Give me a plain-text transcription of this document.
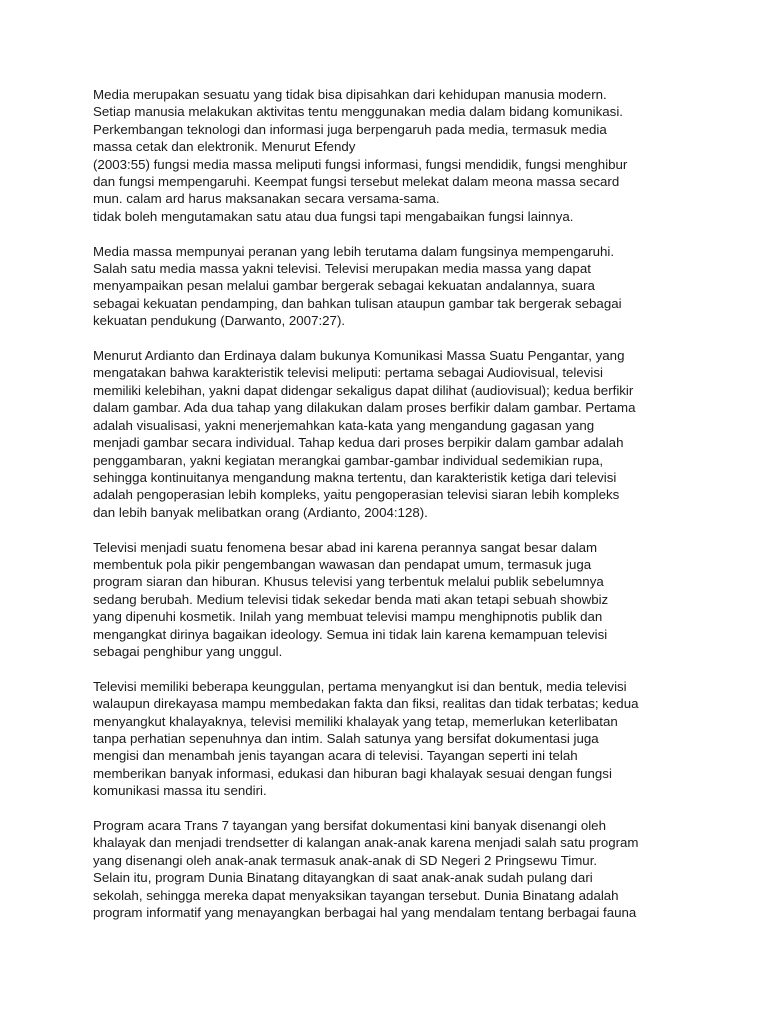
Media merupakan sesuatu yang tidak bisa dipisahkan dari kehidupan manusia modern.
Setiap manusia melakukan aktivitas tentu menggunakan media dalam bidang komunikasi.
Perkembangan teknologi dan informasi juga berpengaruh pada media, termasuk media
massa cetak dan elektronik. Menurut Efendy
(2003:55) fungsi media massa meliputi fungsi informasi, fungsi mendidik, fungsi menghibur
dan fungsi mempengaruhi. Keempat fungsi tersebut melekat dalam meona massa secard
mun. calam ard harus maksanakan secara versama-sama.
tidak boleh mengutamakan satu atau dua fungsi tapi mengabaikan fungsi lainnya.

Media massa mempunyai peranan yang lebih terutama dalam fungsinya mempengaruhi.
Salah satu media massa yakni televisi. Televisi merupakan media massa yang dapat
menyampaikan pesan melalui gambar bergerak sebagai kekuatan andalannya, suara
sebagai kekuatan pendamping, dan bahkan tulisan ataupun gambar tak bergerak sebagai
kekuatan pendukung (Darwanto, 2007:27).

Menurut Ardianto dan Erdinaya dalam bukunya Komunikasi Massa Suatu Pengantar, yang
mengatakan bahwa karakteristik televisi meliputi: pertama sebagai Audiovisual, televisi
memiliki kelebihan, yakni dapat didengar sekaligus dapat dilihat (audiovisual); kedua berfikir
dalam gambar. Ada dua tahap yang dilakukan dalam proses berfikir dalam gambar. Pertama
adalah visualisasi, yakni menerjemahkan kata-kata yang mengandung gagasan yang
menjadi gambar secara individual. Tahap kedua dari proses berpikir dalam gambar adalah
penggambaran, yakni kegiatan merangkai gambar-gambar individual sedemikian rupa,
sehingga kontinuitanya mengandung makna tertentu, dan karakteristik ketiga dari televisi
adalah pengoperasian lebih kompleks, yaitu pengoperasian televisi siaran lebih kompleks
dan lebih banyak melibatkan orang (Ardianto, 2004:128).

Televisi menjadi suatu fenomena besar abad ini karena perannya sangat besar dalam
membentuk pola pikir pengembangan wawasan dan pendapat umum, termasuk juga
program siaran dan hiburan. Khusus televisi yang terbentuk melalui publik sebelumnya
sedang berubah. Medium televisi tidak sekedar benda mati akan tetapi sebuah showbiz
yang dipenuhi kosmetik. Inilah yang membuat televisi mampu menghipnotis publik dan
mengangkat dirinya bagaikan ideology. Semua ini tidak lain karena kemampuan televisi
sebagai penghibur yang unggul.

Televisi memiliki beberapa keunggulan, pertama menyangkut isi dan bentuk, media televisi
walaupun direkayasa mampu membedakan fakta dan fiksi, realitas dan tidak terbatas; kedua
menyangkut khalayaknya, televisi memiliki khalayak yang tetap, memerlukan keterlibatan
tanpa perhatian sepenuhnya dan intim. Salah satunya yang bersifat dokumentasi juga
mengisi dan menambah jenis tayangan acara di televisi. Tayangan seperti ini telah
memberikan banyak informasi, edukasi dan hiburan bagi khalayak sesuai dengan fungsi
komunikasi massa itu sendiri.

Program acara Trans 7 tayangan yang bersifat dokumentasi kini banyak disenangi oleh
khalayak dan menjadi trendsetter di kalangan anak-anak karena menjadi salah satu program
yang disenangi oleh anak-anak termasuk anak-anak di SD Negeri 2 Pringsewu Timur.
Selain itu, program Dunia Binatang ditayangkan di saat anak-anak sudah pulang dari
sekolah, sehingga mereka dapat menyaksikan tayangan tersebut. Dunia Binatang adalah
program informatif yang menayangkan berbagai hal yang mendalam tentang berbagai fauna
